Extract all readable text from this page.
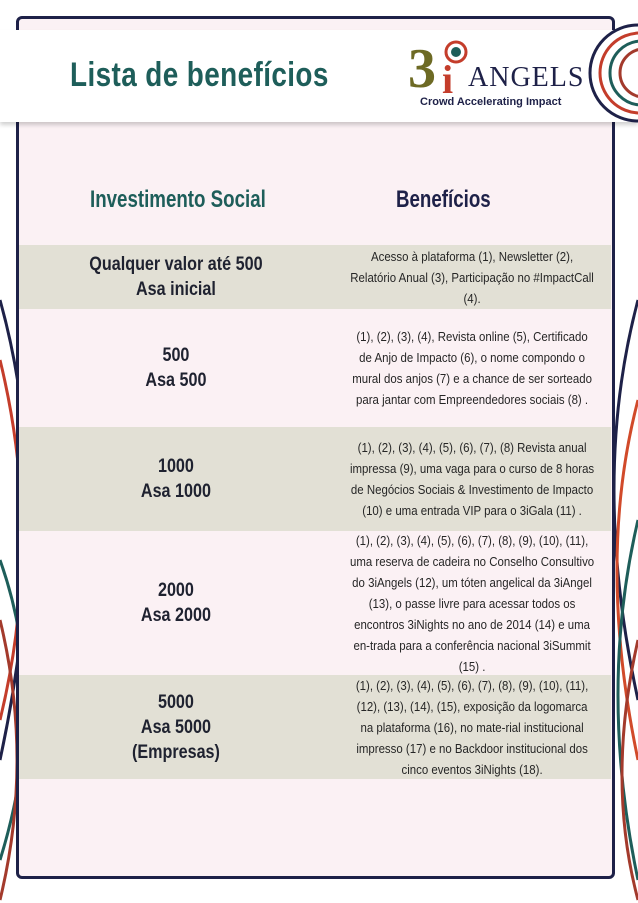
Lista de benefícios 3 i ANGELS
Crowd Accelerating Impact
Investimento Social	Benefícios
Qualquer valor até 500
Asa inicial
Acesso à plataforma (1), Newsletter (2), Relatório Anual (3), Participação no #ImpactCall (4).
500
Asa 500
(1), (2), (3), (4), Revista online (5), Certificado de Anjo de Impacto (6), o nome compondo o mural dos anjos (7) e a chance de ser sorteado para jantar com Empreendedores sociais (8) .
1000
Asa 1000
(1), (2), (3), (4), (5), (6), (7), (8) Revista anual impressa (9), uma vaga para o curso de 8 horas de Negócios Sociais & Investimento de Impacto (10) e uma entrada VIP para o 3iGala (11) .
2000
Asa 2000
(1), (2), (3), (4), (5), (6), (7), (8), (9), (10), (11), uma reserva de cadeira no Conselho Consultivo do 3iAngels (12), um tóten angelical da 3iAngel (13), o passe livre para acessar todos os encontros 3iNights no ano de 2014 (14) e uma en-trada para a conferência nacional 3iSummit (15) .
5000
Asa 5000
(Empresas)
(1), (2), (3), (4), (5), (6), (7), (8), (9), (10), (11), (12), (13), (14), (15), exposição da logomarca na plataforma (16), no mate-rial institucional impresso (17) e no Backdoor institucional dos cinco eventos 3iNights (18).
